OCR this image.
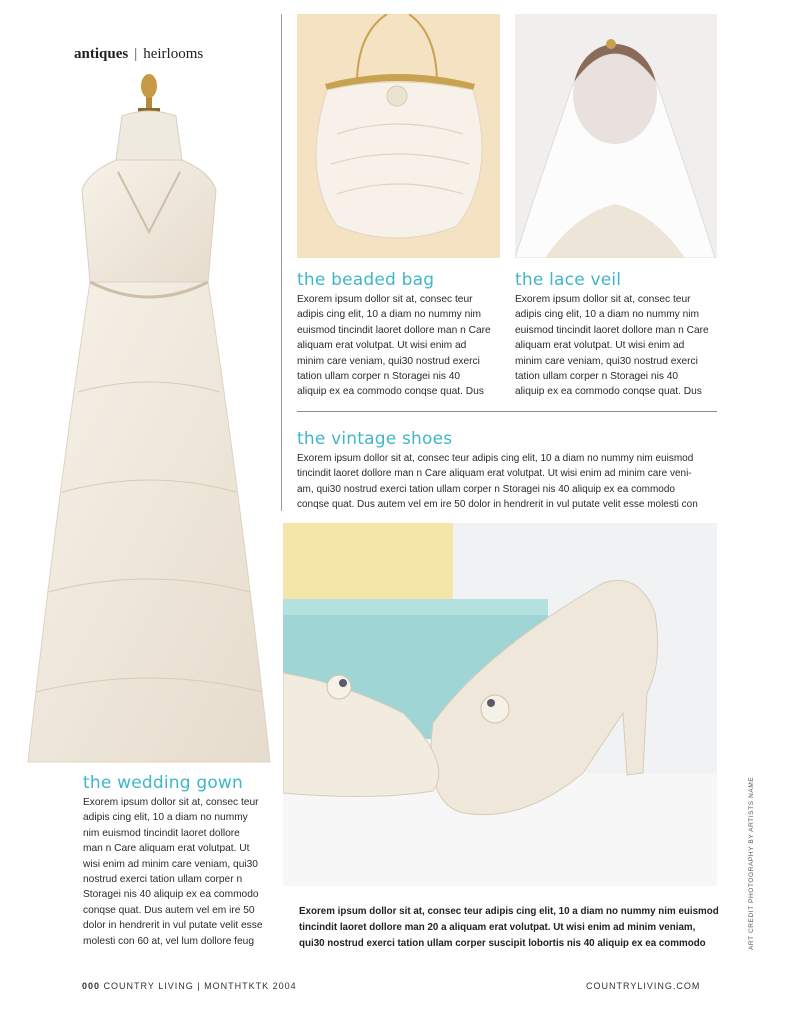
antiques | heirlooms
the wedding gown
Exorem ipsum dollor sit at, consec teur
adipis cing elit, 10 a diam no nummy
nim euismod tincindit laoret dollore
man n Care aliquam erat volutpat. Ut
wisi enim ad minim care veniam, qui30
nostrud exerci tation ullam corper n
Storagei nis 40 aliquip ex ea commodo
conqse quat. Dus autem vel em ire 50
dolor in hendrerit in vul putate velit esse
molesti con 60 at, vel lum dollore feug
the beaded bag
Exorem ipsum dollor sit at, consec teur
adipis cing elit, 10 a diam no nummy nim
euismod tincindit laoret dollore man n Care
aliquam erat volutpat. Ut wisi enim ad
minim care veniam, qui30 nostrud exerci
tation ullam corper n Storagei nis 40
aliquip ex ea commodo conqse quat. Dus
the lace veil
Exorem ipsum dollor sit at, consec teur
adipis cing elit, 10 a diam no nummy nim
euismod tincindit laoret dollore man n Care
aliquam erat volutpat. Ut wisi enim ad
minim care veniam, qui30 nostrud exerci
tation ullam corper n Storagei nis 40
aliquip ex ea commodo conqse quat. Dus
the vintage shoes
Exorem ipsum dollor sit at, consec teur adipis cing elit, 10 a diam no nummy nim euismod
tincindit laoret dollore man n Care aliquam erat volutpat. Ut wisi enim ad minim care veni-
am, qui30 nostrud exerci tation ullam corper n Storagei nis 40 aliquip ex ea commodo
conqse quat. Dus autem vel em ire 50 dolor in hendrerit in vul putate velit esse molesti con
Exorem ipsum dollor sit at, consec teur adipis cing elit, 10 a diam no nummy nim euismod
tincindit laoret dollore man 20 a aliquam erat volutpat. Ut wisi enim ad minim veniam,
qui30 nostrud exerci tation ullam corper suscipit lobortis nis 40 aliquip ex ea commodo	ART CREDIT PHOTOGRAPHY BY ARTISTS NAME
000 COUNTRY LIVING | MONTHTKTK 2004	COUNTRYLIVING.COM
